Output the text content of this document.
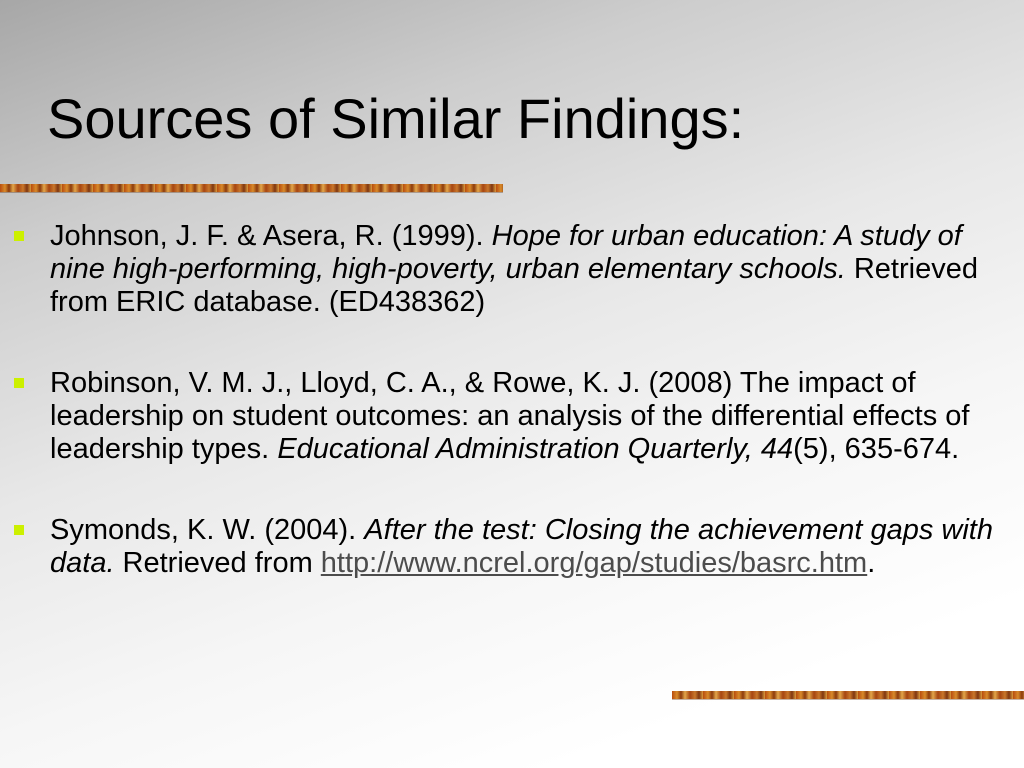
Sources of Similar Findings:
Johnson, J. F. & Asera, R. (1999). Hope for urban education: A study of nine high-performing, high-poverty, urban elementary schools. Retrieved from ERIC database. (ED438362)
Robinson, V. M. J., Lloyd, C. A., & Rowe, K. J. (2008) The impact of leadership on student outcomes: an analysis of the differential effects of leadership types. Educational Administration Quarterly, 44(5), 635-674.
Symonds, K. W. (2004). After the test: Closing the achievement gaps with data. Retrieved from http://www.ncrel.org/gap/studies/basrc.htm.
